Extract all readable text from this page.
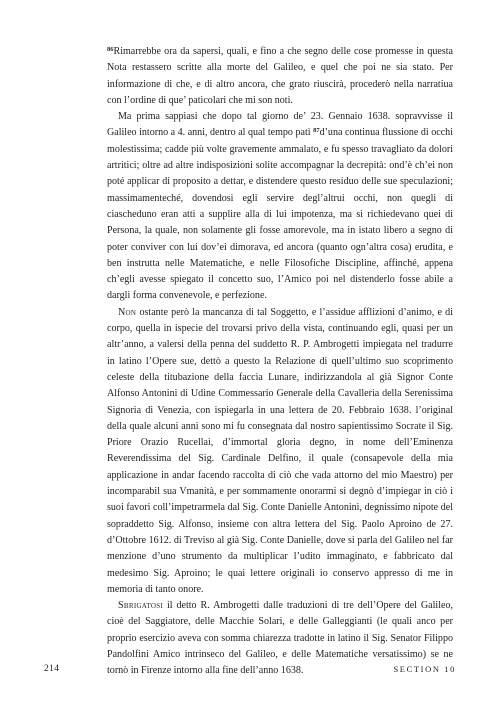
$^{86}$Rimarrebbe ora da sapersi, quali, e fino a che segno delle cose promesse in questa Nota restassero scritte alla morte del Galileo, e quel che poi ne sia stato. Per informazione di che, e di altro ancora, che grato riuscirà, procederò nella narratiua con l’ordine di que’ paticolari che mi son noti.

Ma prima sappiasi che dopo tal giorno de’ 23. Gennaio 1638. sopravvisse il Galileo intorno a 4. anni, dentro al qual tempo patì $^{87}$d’una continua flussione di occhi molestissima; cadde più volte gravemente ammalato, e fu spesso travagliato da dolori artritici; oltre ad altre indisposizioni solite accompagnar la decrepità: ond’è ch’ei non poté applicar di proposito a dettar, e distendere questo residuo delle sue speculazioni; massimamenteché, dovendosi egli servire degl’altrui occhi, non quegli di ciascheduno eran atti a supplire alla di lui impotenza, ma si richiedevano quei di Persona, la quale, non solamente gli fosse amorevole, ma in istato libero a segno di poter conviver con lui dov’ei dimorava, ed ancora (quanto ogn’altra cosa) erudita, e ben instrutta nelle Matematiche, e nelle Filosofiche Discipline, affinché, appena ch’egli avesse spiegato il concetto suo, l’Amico poi nel distenderlo fosse abile a dargli forma convenevole, e perfezione.

Non ostante però la mancanza di tal Soggetto, e l’assidue afflizioni d’animo, e di corpo, quella in ispecie del trovarsi privo della vista, continuando egli, quasi per un altr’anno, a valersi della penna del suddetto R. P. Ambrogetti impiegata nel tradurre in latino l’Opere sue, dettò a questo la Relazione di quell’ultimo suo scoprimento celeste della titubazione della faccia Lunare, indirizzandola al già Signor Conte Alfonso Antonini di Udine Commessario Generale della Cavalleria della Serenissima Signoria di Venezia, con ispiegarla in una lettera de 20. Febbraio 1638. l’original della quale alcuni anni sono mi fu consegnata dal nostro sapientissimo Socrate il Sig. Priore Orazio Rucellai, d’immortal gloria degno, in nome dell’Eminenza Reverendissima del Sig. Cardinale Delfino, il quale (consapevole della mia applicazione in andar facendo raccolta di ciò che vada attorno del mio Maestro) per incomparabil sua Vmanità, e per sommamente onorarmi si degnò d’impiegar in ciò i suoi favori coll’impetrarmela dal Sig. Conte Danielle Antonini, degnissimo nipote del sopraddetto Sig. Alfonso, insieme con altra lettera del Sig. Paolo Aproino de 27. d’Ottobre 1612. di Treviso al già Sig. Conte Danielle, dove si parla del Galileo nel far menzione d’uno strumento da multiplicar l’udito immaginato, e fabbricato dal medesimo Sig. Aproino; le quai lettere originali io conservo appresso di me in memoria di tanto onore.

Sbrigatosi il detto R. Ambrogetti dalle traduzioni di tre dell’Opere del Galileo, cioè del Saggiatore, delle Macchie Solari, e delle Galleggianti (le quali anco per proprio esercizio aveva con somma chiarezza tradotte in latino il Sig. Senator Filippo Pandolfini Amico intrinseco del Galileo, e delle Matematiche versatissimo) se ne tornò in Firenze intorno alla fine dell’anno 1638.

214	SECTION 10
